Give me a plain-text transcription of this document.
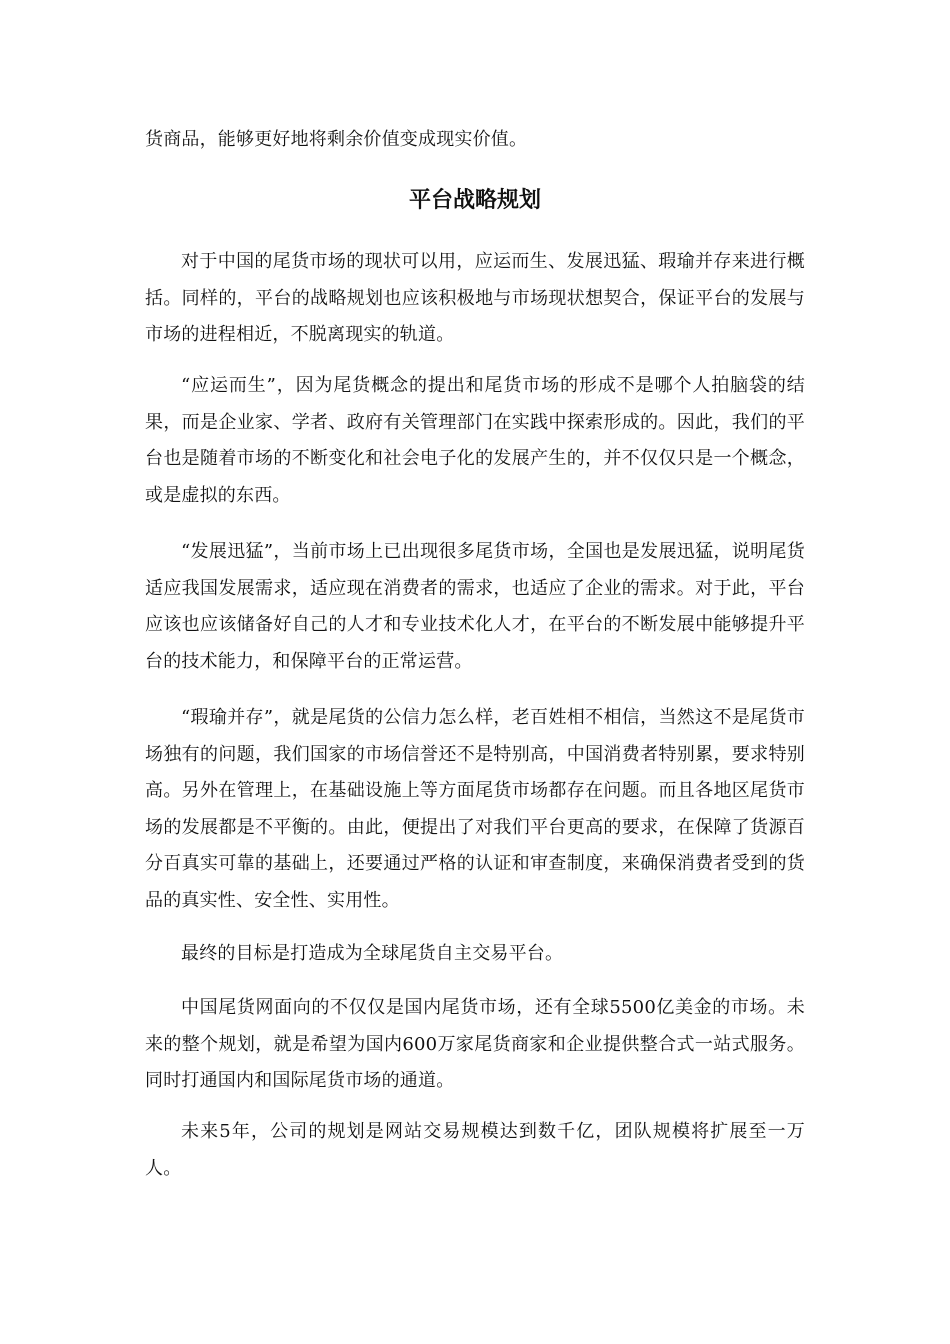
货商品，能够更好地将剩余价值变成现实价值。

平台战略规划

对于中国的尾货市场的现状可以用，应运而生、发展迅猛、瑕瑜并存来进行概括。同样的，平台的战略规划也应该积极地与市场现状想契合，保证平台的发展与市场的进程相近，不脱离现实的轨道。

“应运而生”，因为尾货概念的提出和尾货市场的形成不是哪个人拍脑袋的结果，而是企业家、学者、政府有关管理部门在实践中探索形成的。因此，我们的平台也是随着市场的不断变化和社会电子化的发展产生的，并不仅仅只是一个概念，或是虚拟的东西。

“发展迅猛”，当前市场上已出现很多尾货市场，全国也是发展迅猛，说明尾货适应我国发展需求，适应现在消费者的需求，也适应了企业的需求。对于此，平台应该也应该储备好自己的人才和专业技术化人才，在平台的不断发展中能够提升平台的技术能力，和保障平台的正常运营。

“瑕瑜并存”，就是尾货的公信力怎么样，老百姓相不相信，当然这不是尾货市场独有的问题，我们国家的市场信誉还不是特别高，中国消费者特别累，要求特别高。另外在管理上，在基础设施上等方面尾货市场都存在问题。而且各地区尾货市场的发展都是不平衡的。由此，便提出了对我们平台更高的要求，在保障了货源百分百真实可靠的基础上，还要通过严格的认证和审查制度，来确保消费者受到的货品的真实性、安全性、实用性。

最终的目标是打造成为全球尾货自主交易平台。

中国尾货网面向的不仅仅是国内尾货市场，还有全球5500亿美金的市场。未来的整个规划，就是希望为国内600万家尾货商家和企业提供整合式一站式服务。同时打通国内和国际尾货市场的通道。

未来5年，公司的规划是网站交易规模达到数千亿，团队规模将扩展至一万人。
